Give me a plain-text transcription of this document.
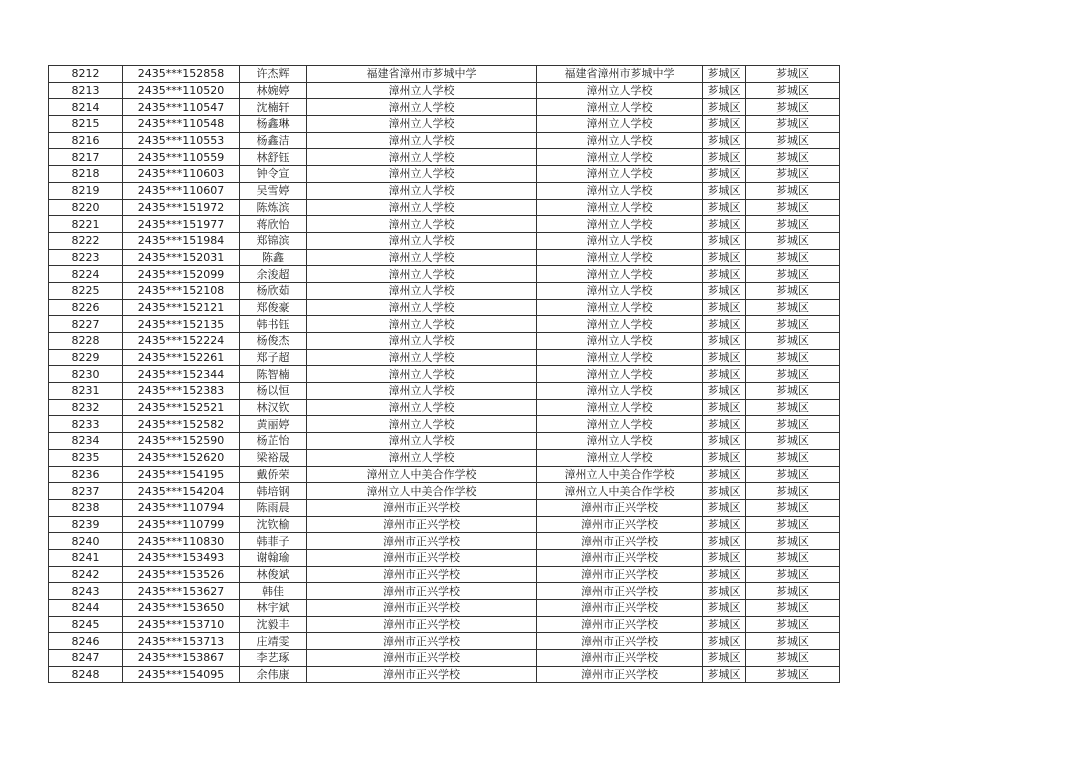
8212	2435***152858	许杰辉	福建省漳州市芗城中学	福建省漳州市芗城中学	芗城区	芗城区
8213	2435***110520	林婉婷	漳州立人学校	漳州立人学校	芗城区	芗城区
8214	2435***110547	沈楠轩	漳州立人学校	漳州立人学校	芗城区	芗城区
8215	2435***110548	杨鑫琳	漳州立人学校	漳州立人学校	芗城区	芗城区
8216	2435***110553	杨鑫洁	漳州立人学校	漳州立人学校	芗城区	芗城区
8217	2435***110559	林舒钰	漳州立人学校	漳州立人学校	芗城区	芗城区
8218	2435***110603	钟令宣	漳州立人学校	漳州立人学校	芗城区	芗城区
8219	2435***110607	吴雪婷	漳州立人学校	漳州立人学校	芗城区	芗城区
8220	2435***151972	陈炼滨	漳州立人学校	漳州立人学校	芗城区	芗城区
8221	2435***151977	蒋欣怡	漳州立人学校	漳州立人学校	芗城区	芗城区
8222	2435***151984	郑锦滨	漳州立人学校	漳州立人学校	芗城区	芗城区
8223	2435***152031	陈鑫	漳州立人学校	漳州立人学校	芗城区	芗城区
8224	2435***152099	余浚超	漳州立人学校	漳州立人学校	芗城区	芗城区
8225	2435***152108	杨欣茹	漳州立人学校	漳州立人学校	芗城区	芗城区
8226	2435***152121	郑俊豪	漳州立人学校	漳州立人学校	芗城区	芗城区
8227	2435***152135	韩书钰	漳州立人学校	漳州立人学校	芗城区	芗城区
8228	2435***152224	杨俊杰	漳州立人学校	漳州立人学校	芗城区	芗城区
8229	2435***152261	郑子超	漳州立人学校	漳州立人学校	芗城区	芗城区
8230	2435***152344	陈智楠	漳州立人学校	漳州立人学校	芗城区	芗城区
8231	2435***152383	杨以恒	漳州立人学校	漳州立人学校	芗城区	芗城区
8232	2435***152521	林汉钦	漳州立人学校	漳州立人学校	芗城区	芗城区
8233	2435***152582	黄丽婷	漳州立人学校	漳州立人学校	芗城区	芗城区
8234	2435***152590	杨芷怡	漳州立人学校	漳州立人学校	芗城区	芗城区
8235	2435***152620	梁裕晟	漳州立人学校	漳州立人学校	芗城区	芗城区
8236	2435***154195	戴侨荣	漳州立人中美合作学校	漳州立人中美合作学校	芗城区	芗城区
8237	2435***154204	韩培钢	漳州立人中美合作学校	漳州立人中美合作学校	芗城区	芗城区
8238	2435***110794	陈雨晨	漳州市正兴学校	漳州市正兴学校	芗城区	芗城区
8239	2435***110799	沈钦榆	漳州市正兴学校	漳州市正兴学校	芗城区	芗城区
8240	2435***110830	韩菲子	漳州市正兴学校	漳州市正兴学校	芗城区	芗城区
8241	2435***153493	谢翰瑜	漳州市正兴学校	漳州市正兴学校	芗城区	芗城区
8242	2435***153526	林俊斌	漳州市正兴学校	漳州市正兴学校	芗城区	芗城区
8243	2435***153627	韩佳	漳州市正兴学校	漳州市正兴学校	芗城区	芗城区
8244	2435***153650	林宇斌	漳州市正兴学校	漳州市正兴学校	芗城区	芗城区
8245	2435***153710	沈毅丰	漳州市正兴学校	漳州市正兴学校	芗城区	芗城区
8246	2435***153713	庄靖雯	漳州市正兴学校	漳州市正兴学校	芗城区	芗城区
8247	2435***153867	李艺琢	漳州市正兴学校	漳州市正兴学校	芗城区	芗城区
8248	2435***154095	余伟康	漳州市正兴学校	漳州市正兴学校	芗城区	芗城区
